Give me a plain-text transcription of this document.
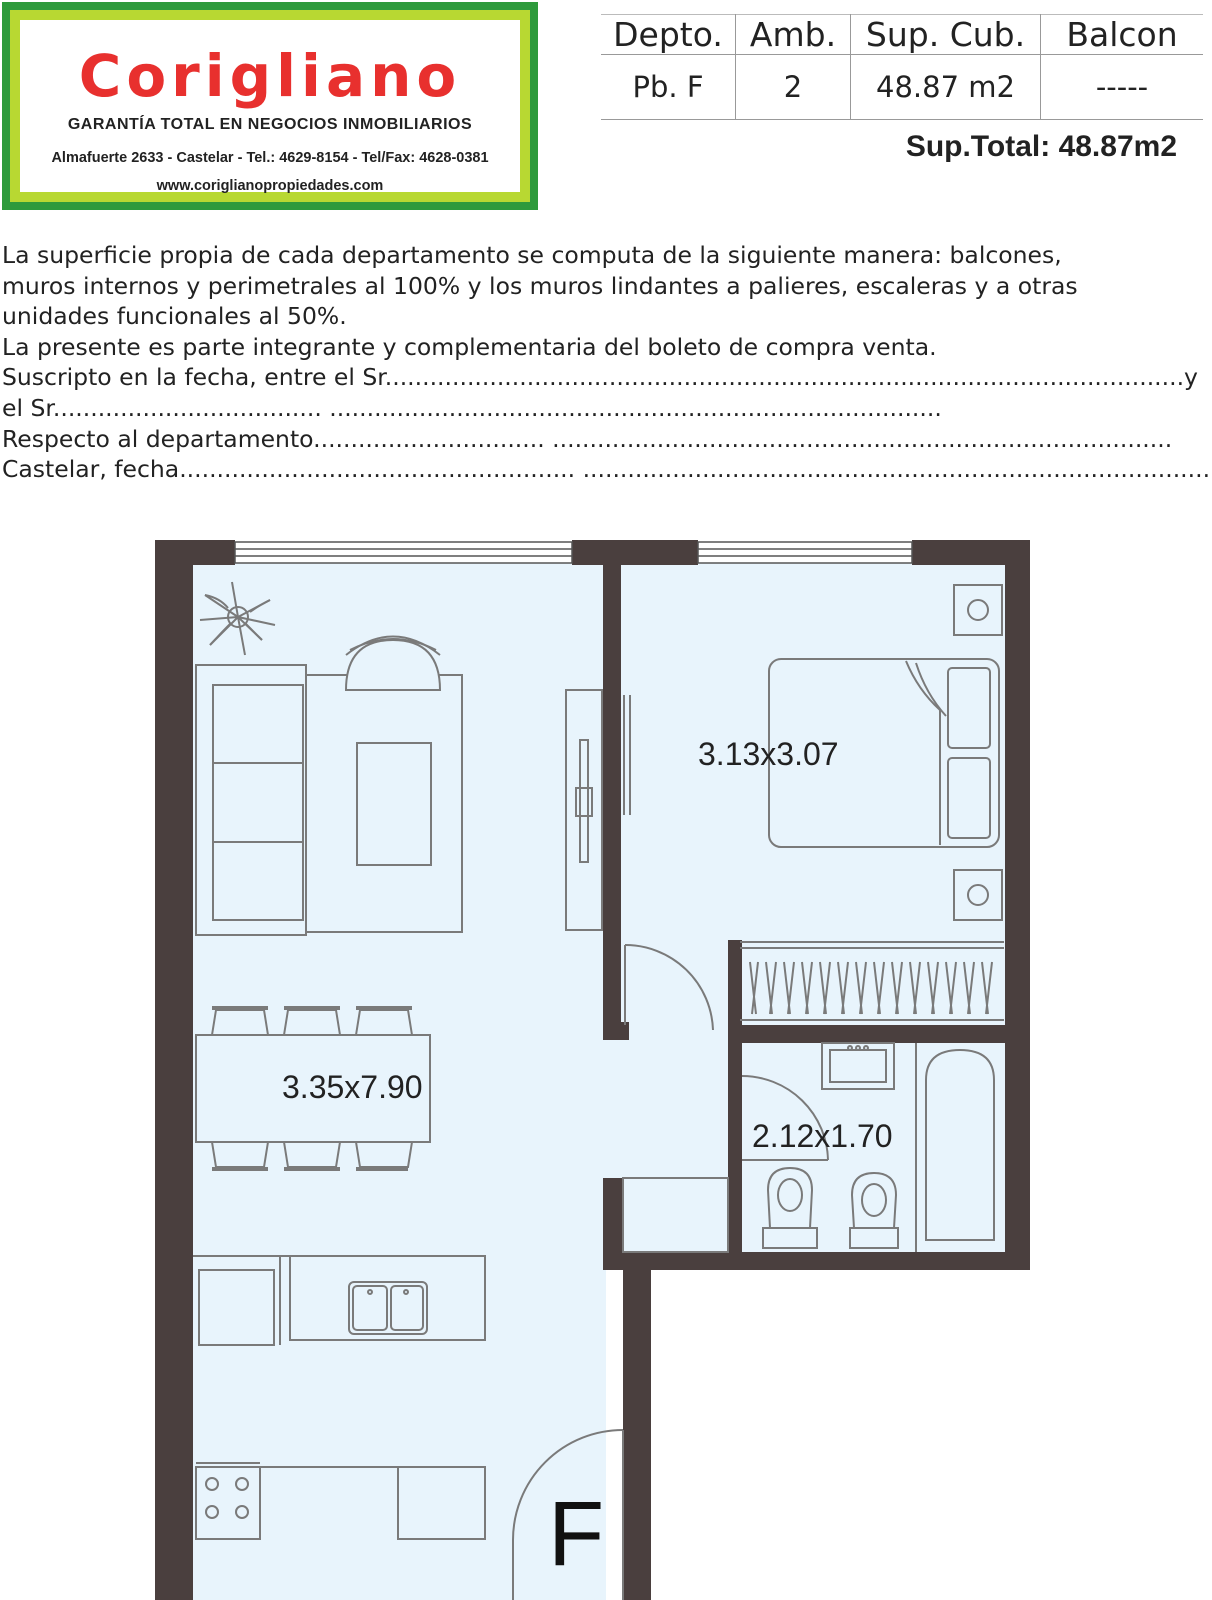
Corigliano
GARANTÍA TOTAL EN NEGOCIOS INMOBILIARIOS
Almafuerte 2633 - Castelar - Tel.: 4629-8154 - Tel/Fax: 4628-0381
www.coriglianopropiedades.com
Depto.	Amb.	Sup. Cub.	Balcon
Pb. F	2	48.87 m2	-----
Sup.Total: 48.87m2

La superficie propia de cada departamento se computa de la siguiente manera: balcones,

muros internos y perimetrales al 100% y los muros lindantes a palieres, escaleras y a otras

unidades funcionales al 50%.

La presente es parte integrante y complementaria del boleto de compra venta.

Suscripto en la fecha, entre el Sr...........................................................................................................y

el Sr.................................... ..................................................................................

Respecto al departamento............................... ...................................................................................

Castelar, fecha..................................................... ....................................................................................

3.13x3.07
3.35x7.90
2.12x1.70
F
